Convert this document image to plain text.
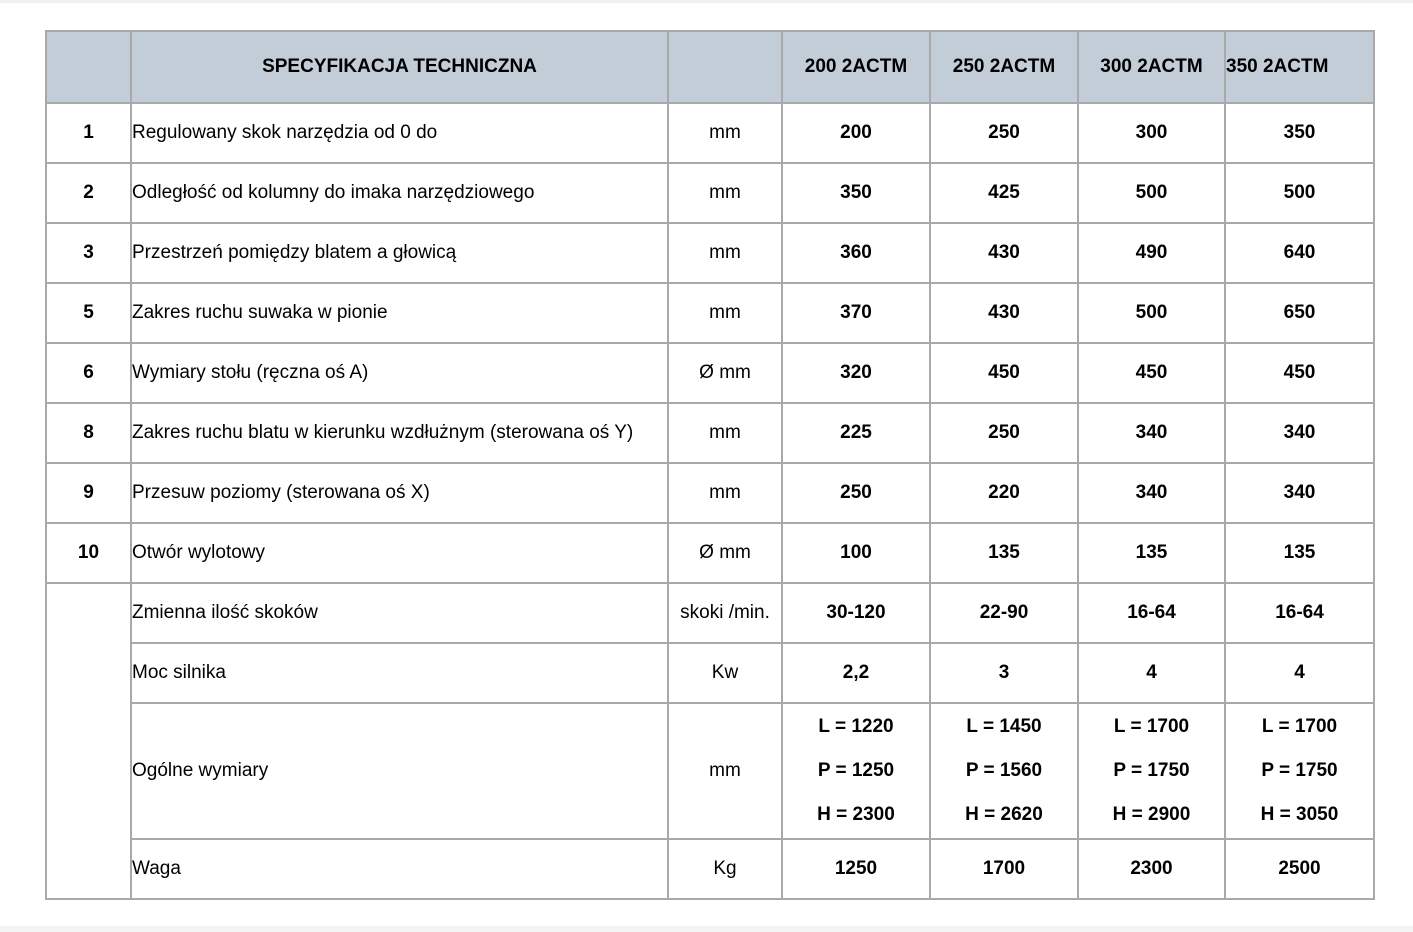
	SPECYFIKACJA TECHNICZNA		200 2ACTM	250 2ACTM	300 2ACTM	350 2ACTM
1	Regulowany skok narzędzia od 0 do	mm	200	250	300	350
2	Odległość od kolumny do imaka narzędziowego	mm	350	425	500	500
3	Przestrzeń pomiędzy blatem a głowicą	mm	360	430	490	640
5	Zakres ruchu suwaka w pionie	mm	370	430	500	650
6	Wymiary stołu (ręczna oś A)	Ø mm	320	450	450	450
8	Zakres ruchu blatu w kierunku wzdłużnym (sterowana oś Y)	mm	225	250	340	340
9	Przesuw poziomy (sterowana oś X)	mm	250	220	340	340
10	Otwór wylotowy	Ø mm	100	135	135	135
	Zmienna ilość skoków	skoki /min.	30-120	22-90	16-64	16-64
	Moc silnika	Kw	2,2	3	4	4
	Ogólne wymiary	mm	L = 1220
P = 1250
H = 2300	L = 1450
P = 1560
H = 2620	L = 1700
P = 1750
H = 2900	L = 1700
P = 1750
H = 3050

	Waga	Kg	1250	1700	2300	2500
